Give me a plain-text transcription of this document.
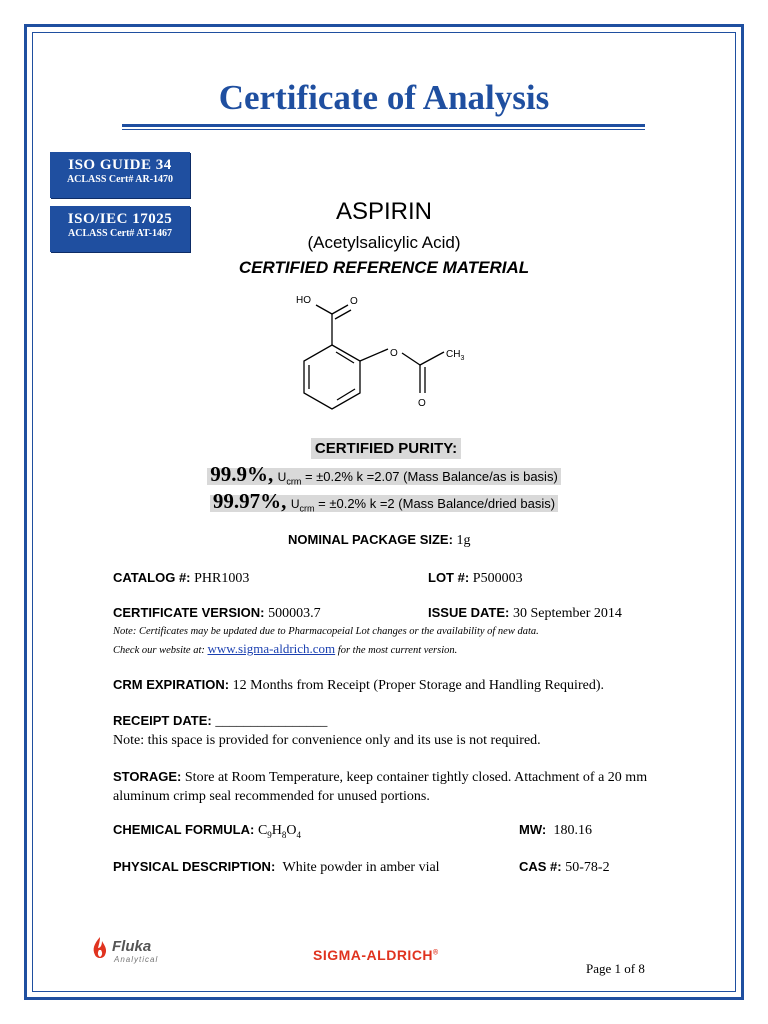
Certificate of Analysis
ISO GUIDE 34
ACLASS Cert# AR-1470
ISO/IEC 17025
ACLASS Cert# AT-1467
ASPIRIN
(Acetylsalicylic Acid)
CERTIFIED REFERENCE MATERIAL
HO	O
O	$CH_3$
O
CERTIFIED PURITY:
99.9%, $U_{crm} = \pm 0.2\%$ k =2.07 (Mass Balance/as is basis)
99.97%, $U_{crm} = \pm 0.2\%$ k =2 (Mass Balance/dried basis)
NOMINAL PACKAGE SIZE: 1g
CATALOG #: PHR1003	LOT #: P500003
CERTIFICATE VERSION: 500003.7	ISSUE DATE: 30 September 2014
Note: Certificates may be updated due to Pharmacopeial Lot changes or the availability of new data.
Check our website at: www.sigma-aldrich.com for the most current version.
CRM EXPIRATION: 12 Months from Receipt (Proper Storage and Handling Required).
RECEIPT DATE: ________________
Note: this space is provided for convenience only and its use is not required.
STORAGE: Store at Room Temperature, keep container tightly closed. Attachment of a 20 mm aluminum crimp seal recommended for unused portions.
CHEMICAL FORMULA: $C_9H_8O_4$	MW: 180.16
PHYSICAL DESCRIPTION: White powder in amber vial	CAS #: 50-78-2
Fluka
Analytical	SIGMA-ALDRICH®
Page 1 of 8
